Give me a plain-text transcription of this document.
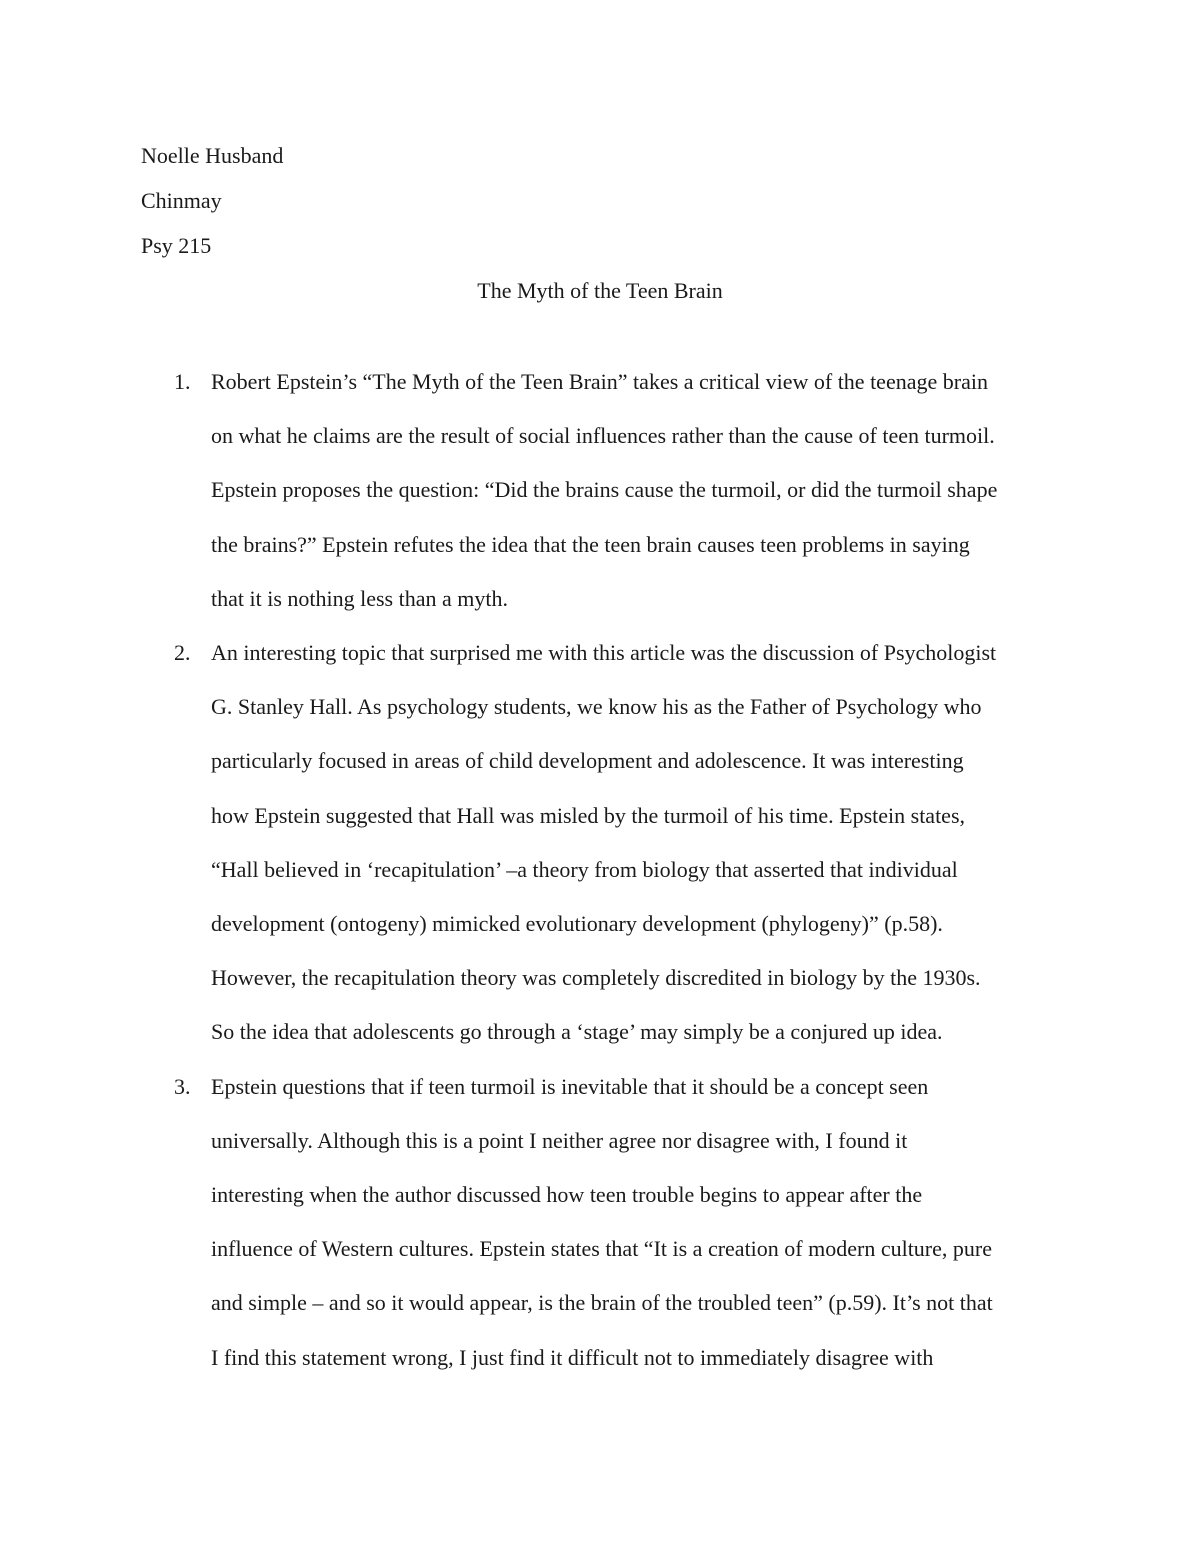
Noelle Husband
Chinmay
Psy 215
The Myth of the Teen Brain
1. Robert Epstein’s “The Myth of the Teen Brain” takes a critical view of the teenage brain
on what he claims are the result of social influences rather than the cause of teen turmoil.
Epstein proposes the question: “Did the brains cause the turmoil, or did the turmoil shape
the brains?” Epstein refutes the idea that the teen brain causes teen problems in saying
that it is nothing less than a myth.
2. An interesting topic that surprised me with this article was the discussion of Psychologist
G. Stanley Hall. As psychology students, we know his as the Father of Psychology who
particularly focused in areas of child development and adolescence. It was interesting
how Epstein suggested that Hall was misled by the turmoil of his time. Epstein states,
“Hall believed in ‘recapitulation’ –a theory from biology that asserted that individual
development (ontogeny) mimicked evolutionary development (phylogeny)” (p.58).
However, the recapitulation theory was completely discredited in biology by the 1930s.
So the idea that adolescents go through a ‘stage’ may simply be a conjured up idea.
3. Epstein questions that if teen turmoil is inevitable that it should be a concept seen
universally. Although this is a point I neither agree nor disagree with, I found it
interesting when the author discussed how teen trouble begins to appear after the
influence of Western cultures. Epstein states that “It is a creation of modern culture, pure
and simple – and so it would appear, is the brain of the troubled teen” (p.59). It’s not that
I find this statement wrong, I just find it difficult not to immediately disagree with
